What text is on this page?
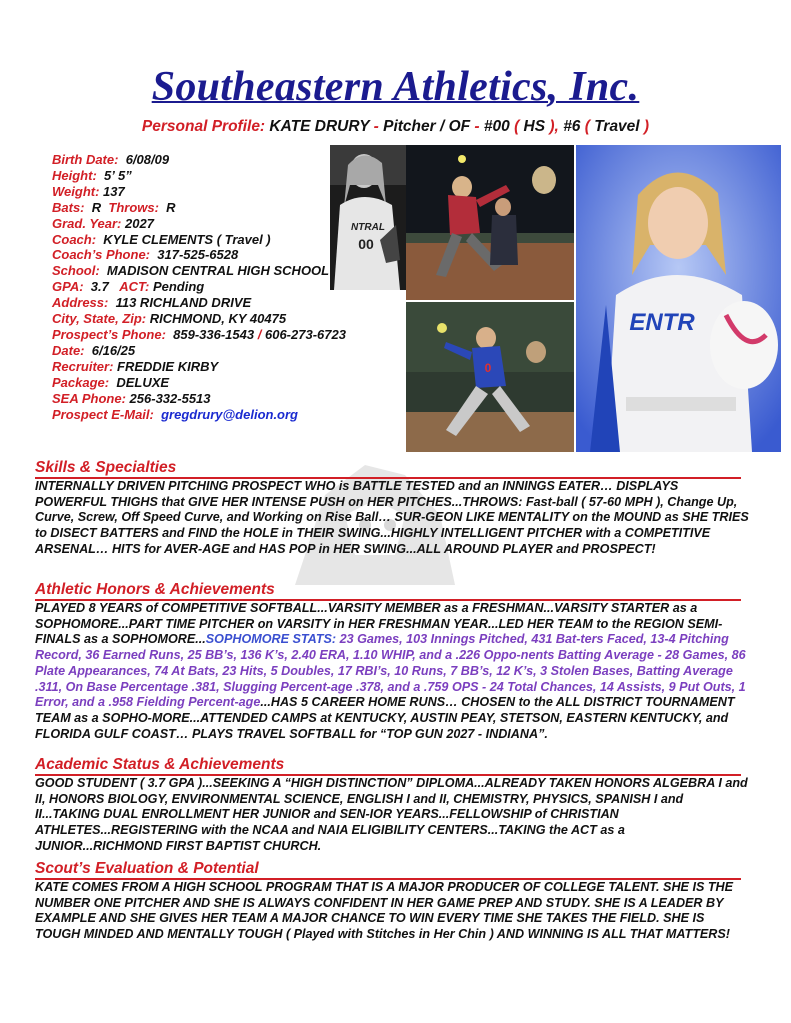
Southeastern Athletics, Inc.
Personal Profile: KATE DRURY - Pitcher / OF - #00 ( HS ), #6 ( Travel )
Birth Date: 6/08/09
Height: 5’ 5”
Weight: 137
Bats: R Throws: R
Grad. Year: 2027
Coach: KYLE CLEMENTS ( Travel )
Coach’s Phone: 317-525-6528
School: MADISON CENTRAL HIGH SCHOOL
GPA: 3.7 ACT: Pending
Address: 113 RICHLAND DRIVE
City, State, Zip: RICHMOND, KY 40475
Prospect’s Phone: 859-336-1543 / 606-273-6723
Date: 6/16/25
Recruiter: FREDDIE KIRBY
Package: DELUXE
SEA Phone: 256-332-5513
Prospect E-Mail: gregdrury@delion.org
NTRAL
00
0
ENTR
Skills & Specialties

INTERNALLY DRIVEN PITCHING PROSPECT WHO is BATTLE TESTED and an INNINGS EATER… DISPLAYS POWERFUL THIGHS that GIVE HER INTENSE PUSH on HER PITCHES...THROWS: Fast-ball ( 57-60 MPH ), Change Up, Curve, Screw, Off Speed Curve, and Working on Rise Ball… SUR-GEON LIKE MENTALITY on the MOUND as SHE TRIES to DISECT BATTERS and FIND the HOLE in THEIR SWING...HIGHLY INTELLIGENT PITCHER with a COMPETITIVE ARSENAL… HITS for AVER-AGE and HAS POP in HER SWING...ALL AROUND PLAYER and PROSPECT!

Athletic Honors & Achievements

PLAYED 8 YEARS of COMPETITIVE SOFTBALL...VARSITY MEMBER as a FRESHMAN...VARSITY STARTER as a SOPHOMORE...PART TIME PITCHER on VARSITY in HER FRESHMAN YEAR...LED HER TEAM to the REGION SEMI-FINALS as a SOPHOMORE...SOPHOMORE STATS: 23 Games, 103 Innings Pitched, 431 Bat-ters Faced, 13-4 Pitching Record, 36 Earned Runs, 25 BB’s, 136 K’s, 2.40 ERA, 1.10 WHIP, and a .226 Oppo-nents Batting Average - 28 Games, 86 Plate Appearances, 74 At Bats, 23 Hits, 5 Doubles, 17 RBI’s, 10 Runs, 7 BB’s, 12 K’s, 3 Stolen Bases, Batting Average .311, On Base Percentage .381, Slugging Percent-age .378, and a .759 OPS - 24 Total Chances, 14 Assists, 9 Put Outs, 1 Error, and a .958 Fielding Percent-age...HAS 5 CAREER HOME RUNS… CHOSEN to the ALL DISTRICT TOURNAMENT TEAM as a SOPHO-MORE...ATTENDED CAMPS at KENTUCKY, AUSTIN PEAY, STETSON, EASTERN KENTUCKY, and FLORIDA GULF COAST… PLAYS TRAVEL SOFTBALL for “TOP GUN 2027 - INDIANA”.

Academic Status & Achievements

GOOD STUDENT ( 3.7 GPA )...SEEKING A “HIGH DISTINCTION” DIPLOMA...ALREADY TAKEN HONORS ALGEBRA I and II, HONORS BIOLOGY, ENVIRONMENTAL SCIENCE, ENGLISH I and II, CHEMISTRY, PHYSICS, SPANISH I and II...TAKING DUAL ENROLLMENT HER JUNIOR and SEN-IOR YEARS...FELLOWSHIP of CHRISTIAN ATHLETES...REGISTERING with the NCAA and NAIA ELIGIBILITY CENTERS...TAKING the ACT as a JUNIOR...RICHMOND FIRST BAPTIST CHURCH.

Scout’s Evaluation & Potential

KATE COMES FROM A HIGH SCHOOL PROGRAM THAT IS A MAJOR PRODUCER OF COLLEGE TALENT. SHE IS THE NUMBER ONE PITCHER AND SHE IS ALWAYS CONFIDENT IN HER GAME PREP AND STUDY. SHE IS A LEADER BY EXAMPLE AND SHE GIVES HER TEAM A MAJOR CHANCE TO WIN EVERY TIME SHE TAKES THE FIELD. SHE IS TOUGH MINDED AND MENTALLY TOUGH ( Played with Stitches in Her Chin ) AND WINNING IS ALL THAT MATTERS!
